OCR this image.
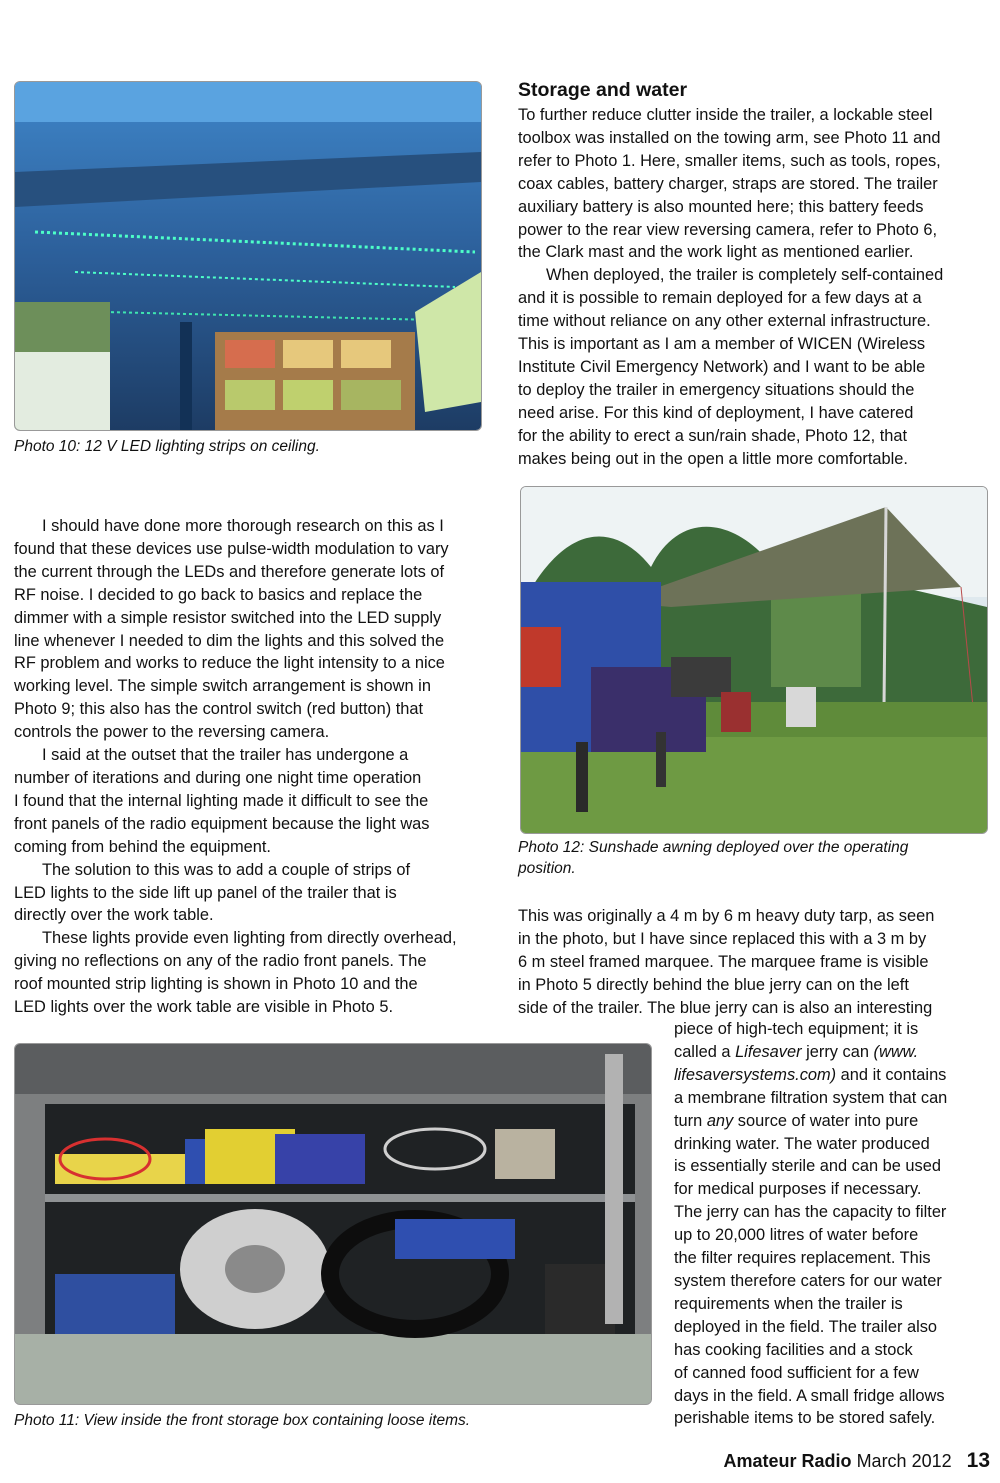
Photo 10: 12 V LED lighting strips on ceiling.
Storage and water

To further reduce clutter inside the trailer, a lockable steel

toolbox was installed on the towing arm, see Photo 11 and

refer to Photo 1. Here, smaller items, such as tools, ropes,

coax cables, battery charger, straps are stored. The trailer

auxiliary battery is also mounted here; this battery feeds

power to the rear view reversing camera, refer to Photo 6,

the Clark mast and the work light as mentioned earlier.

When deployed, the trailer is completely self-contained

and it is possible to remain deployed for a few days at a

time without reliance on any other external infrastructure.

This is important as I am a member of WICEN (Wireless

Institute Civil Emergency Network) and I want to be able

to deploy the trailer in emergency situations should the

need arise. For this kind of deployment, I have catered

for the ability to erect a sun/rain shade, Photo 12, that

makes being out in the open a little more comfortable.

Photo 12: Sunshade awning deployed over the operating
position.

I should have done more thorough research on this as I

found that these devices use pulse-width modulation to vary

the current through the LEDs and therefore generate lots of

RF noise. I decided to go back to basics and replace the

dimmer with a simple resistor switched into the LED supply

line whenever I needed to dim the lights and this solved the

RF problem and works to reduce the light intensity to a nice

working level. The simple switch arrangement is shown in

Photo 9; this also has the control switch (red button) that

controls the power to the reversing camera.

I said at the outset that the trailer has undergone a

number of iterations and during one night time operation

I found that the internal lighting made it difficult to see the

front panels of the radio equipment because the light was

coming from behind the equipment.

The solution to this was to add a couple of strips of

LED lights to the side lift up panel of the trailer that is

directly over the work table.

These lights provide even lighting from directly overhead,

giving no reflections on any of the radio front panels. The

roof mounted strip lighting is shown in Photo 10 and the

LED lights over the work table are visible in Photo 5.

This was originally a 4 m by 6 m heavy duty tarp, as seen

in the photo, but I have since replaced this with a 3 m by

6 m steel framed marquee. The marquee frame is visible

in Photo 5 directly behind the blue jerry can on the left

side of the trailer. The blue jerry can is also an interesting

Photo 11: View inside the front storage box containing loose items.

piece of high-tech equipment; it is

called a Lifesaver jerry can (www.

lifesaversystems.com) and it contains

a membrane filtration system that can

turn any source of water into pure

drinking water. The water produced

is essentially sterile and can be used

for medical purposes if necessary.

The jerry can has the capacity to filter

up to 20,000 litres of water before

the filter requires replacement. This

system therefore caters for our water

requirements when the trailer is

deployed in the field. The trailer also

has cooking facilities and a stock

of canned food sufficient for a few

days in the field. A small fridge allows

perishable items to be stored safely.

Amateur Radio March 2012 13
